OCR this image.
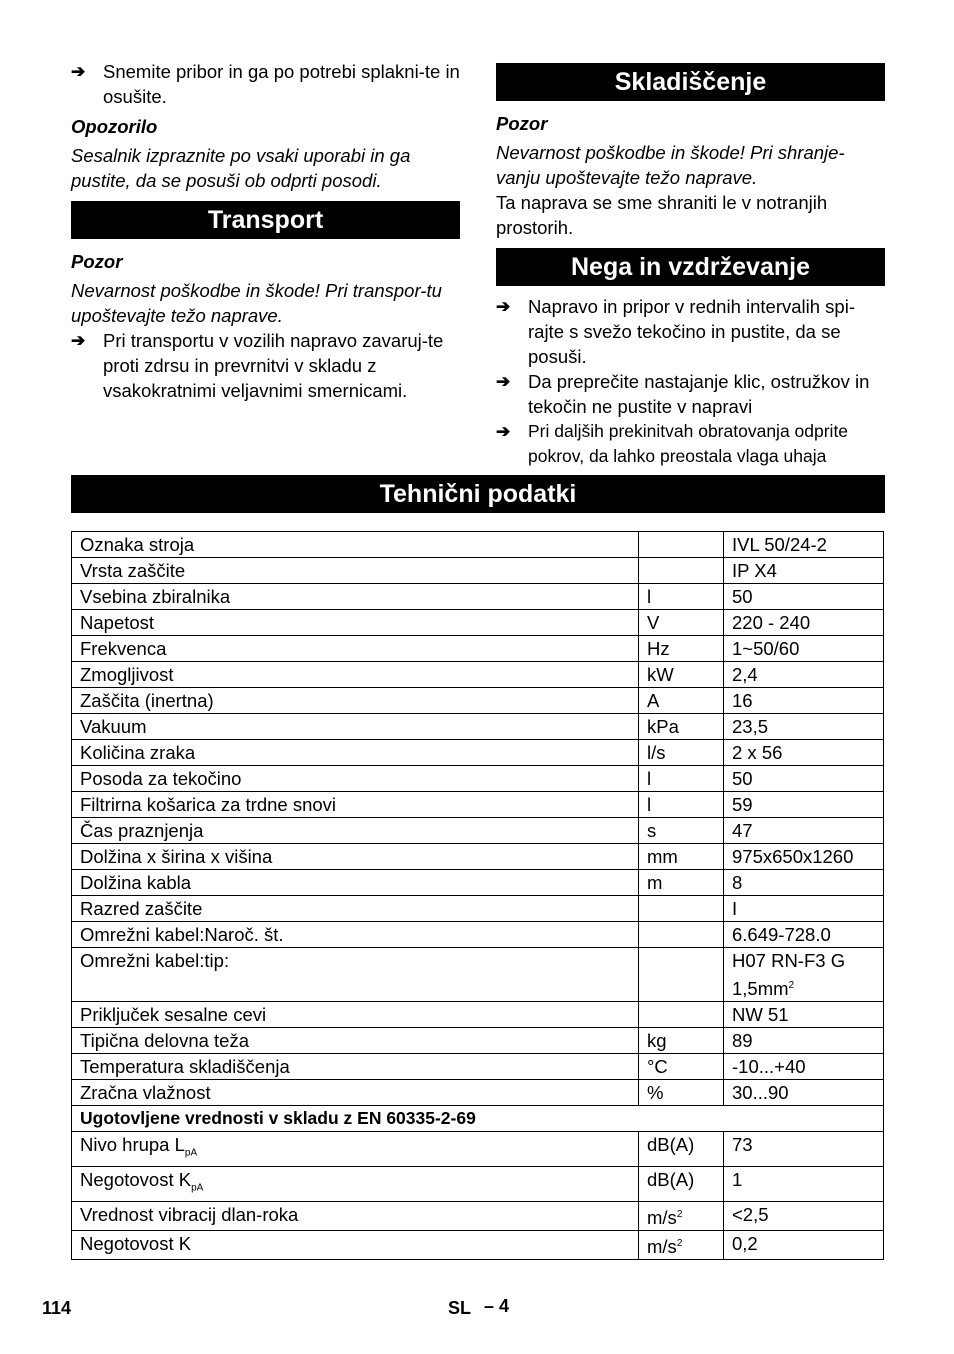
➔ Snemite pribor in ga po potrebi splakni-te in osušite.
Opozorilo
Sesalnik izpraznite po vsaki uporabi in ga pustite, da se posuši ob odprti posodi.
Transport
Pozor
Nevarnost poškodbe in škode! Pri transpor-tu upoštevajte težo naprave.
➔ Pri transportu v vozilih napravo zavaruj-te proti zdrsu in prevrnitvi v skladu z vsakokratnimi veljavnimi smernicami.
Skladiščenje
Pozor
Nevarnost poškodbe in škode! Pri shranje-vanju upoštevajte težo naprave.
Ta naprava se sme shraniti le v notranjih prostorih.
Nega in vzdrževanje
➔ Napravo in pripor v rednih intervalih spi-rajte s svežo tekočino in pustite, da se posuši.
➔ Da preprečite nastajanje klic, ostružkov in tekočin ne pustite v napravi
➔	Pri daljših prekinitvah obratovanja odprite pokrov, da lahko preostala vlaga uhaja
Tehnični podatki
Oznaka stroja		IVL 50/24-2
Vrsta zaščite		IP X4
Vsebina zbiralnika	l	50
Napetost	V	220 - 240
Frekvenca	Hz	1~50/60
Zmogljivost	kW	2,4
Zaščita (inertna)	A	16
Vakuum	kPa	23,5
Količina zraka	l/s	2 x 56
Posoda za tekočino	l	50
Filtrirna košarica za trdne snovi	l	59
Čas praznjenja	s	47
Dolžina x širina x višina	mm	975x650x1260
Dolžina kabla	m	8
Razred zaščite		I
Omrežni kabel:Naroč. št.		6.649-728.0
Omrežni kabel:tip:		H07 RN-F3 G
$1,5mm^2$
Priključek sesalne cevi		NW 51
Tipična delovna teža	kg	89
Temperatura skladiščenja	°C	-10...+40
Zračna vlažnost	%	30...90
Ugotovljene vrednosti v skladu z EN 60335-2-69		
Nivo hrupa $L_{pA}$	dB(A)	73
Negotovost $K_{pA}$	dB(A)	1
Vrednost vibracij dlan-roka	$m/s^2$	<2,5
Negotovost K	$m/s^2$	0,2
114	SL – 4
